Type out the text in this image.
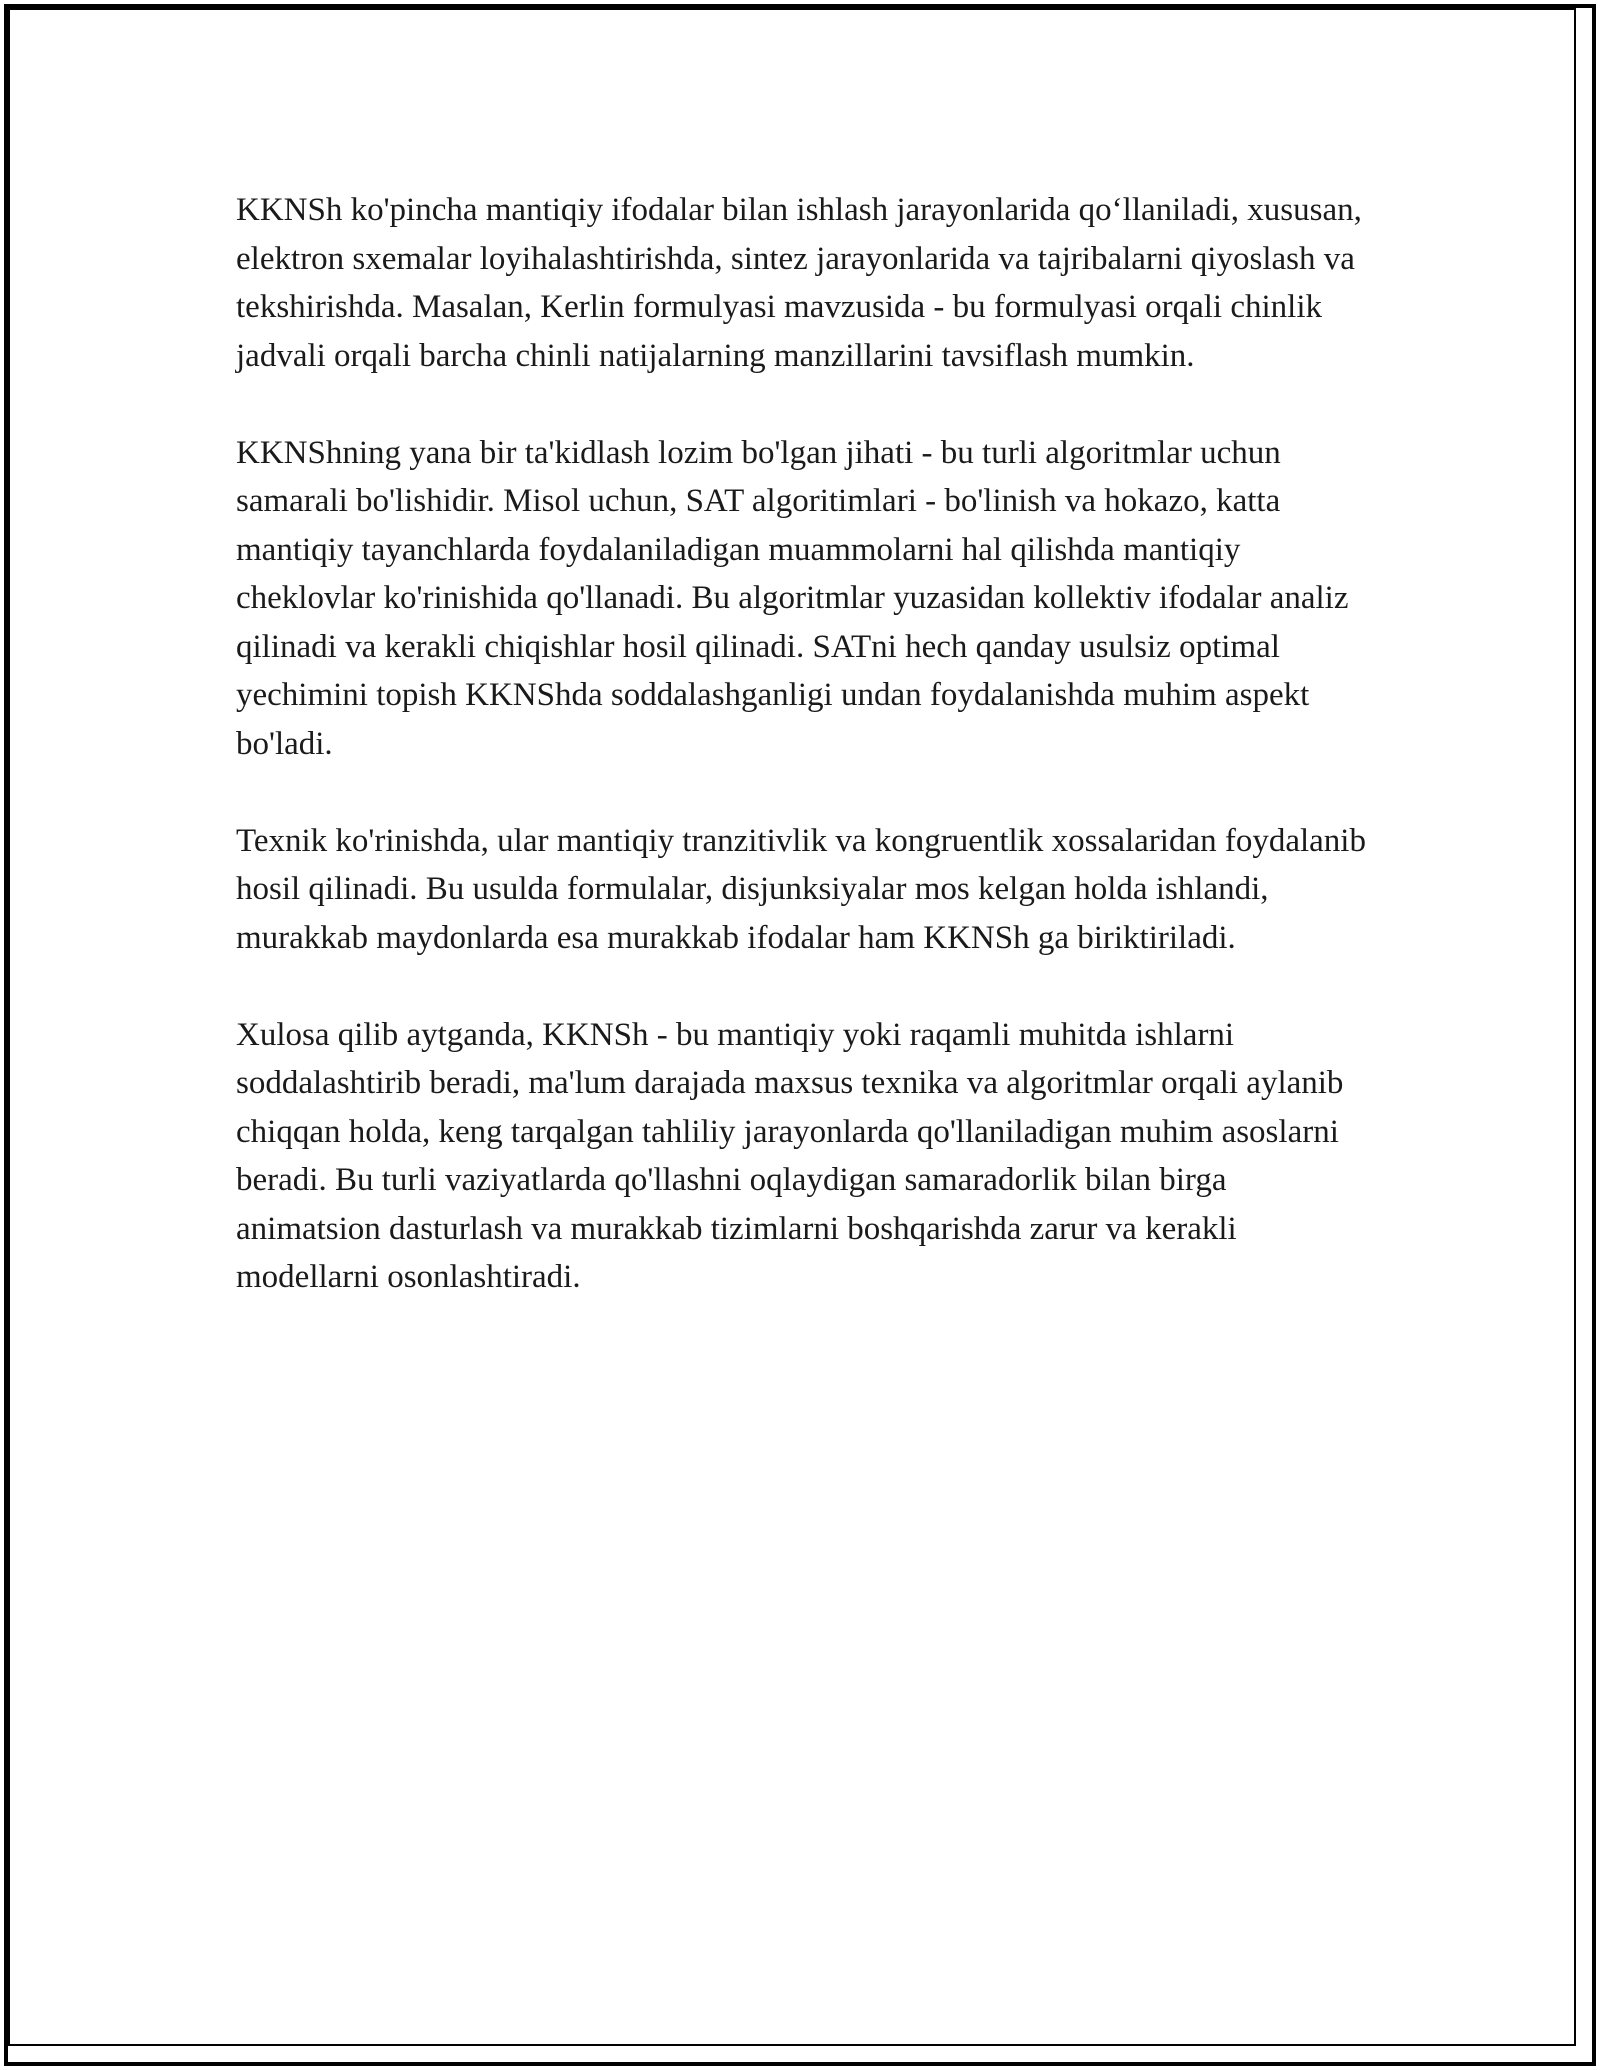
KKNSh ko'pincha mantiqiy ifodalar bilan ishlash jarayonlarida qo‘llaniladi, xususan, elektron sxemalar loyihalashtirishda, sintez jarayonlarida va tajribalarni qiyoslash va tekshirishda. Masalan, Kerlin formulyasi mavzusida - bu formulyasi orqali chinlik jadvali orqali barcha chinli natijalarning manzillarini tavsiflash mumkin.

KKNShning yana bir ta'kidlash lozim bo'lgan jihati - bu turli algoritmlar uchun samarali bo'lishidir. Misol uchun, SAT algoritimlari - bo'linish va hokazo, katta mantiqiy tayanchlarda foydalaniladigan muammolarni hal qilishda mantiqiy cheklovlar ko'rinishida qo'llanadi. Bu algoritmlar yuzasidan kollektiv ifodalar analiz qilinadi va kerakli chiqishlar hosil qilinadi. SATni hech qanday usulsiz optimal yechimini topish KKNShda soddalashganligi undan foydalanishda muhim aspekt bo'ladi.

Texnik ko'rinishda, ular mantiqiy tranzitivlik va kongruentlik xossalaridan foydalanib hosil qilinadi. Bu usulda formulalar, disjunksiyalar mos kelgan holda ishlandi, murakkab maydonlarda esa murakkab ifodalar ham KKNSh ga biriktiriladi.

Xulosa qilib aytganda, KKNSh - bu mantiqiy yoki raqamli muhitda ishlarni soddalashtirib beradi, ma'lum darajada maxsus texnika va algoritmlar orqali aylanib chiqqan holda, keng tarqalgan tahliliy jarayonlarda qo'llaniladigan muhim asoslarni beradi. Bu turli vaziyatlarda qo'llashni oqlaydigan samaradorlik bilan birga animatsion dasturlash va murakkab tizimlarni boshqarishda zarur va kerakli modellarni osonlashtiradi.
